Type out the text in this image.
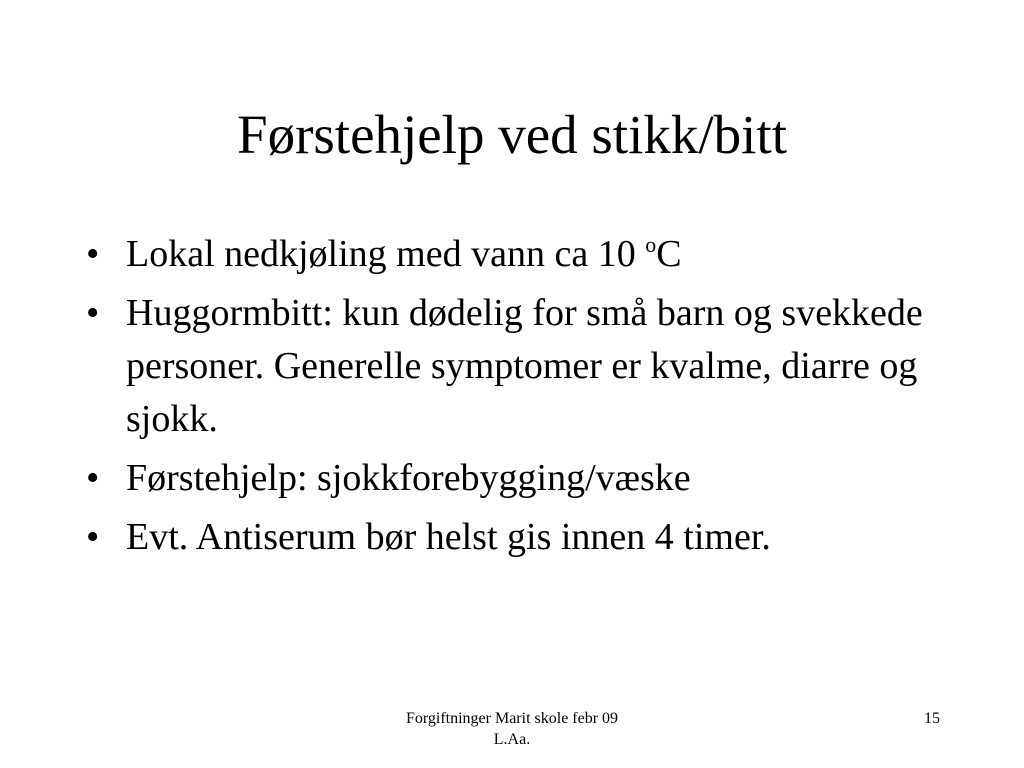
Førstehjelp ved stikk/bitt
• Lokal nedkjøling med vann ca 10 $^o$C
• Huggormbitt: kun dødelig for små barn og svekkede personer. Generelle symptomer er kvalme, diarre og sjokk.
• Førstehjelp: sjokkforebygging/væske
• Evt. Antiserum bør helst gis innen 4 timer.
Forgiftninger Marit skole febr 09
L.Aa.
15
